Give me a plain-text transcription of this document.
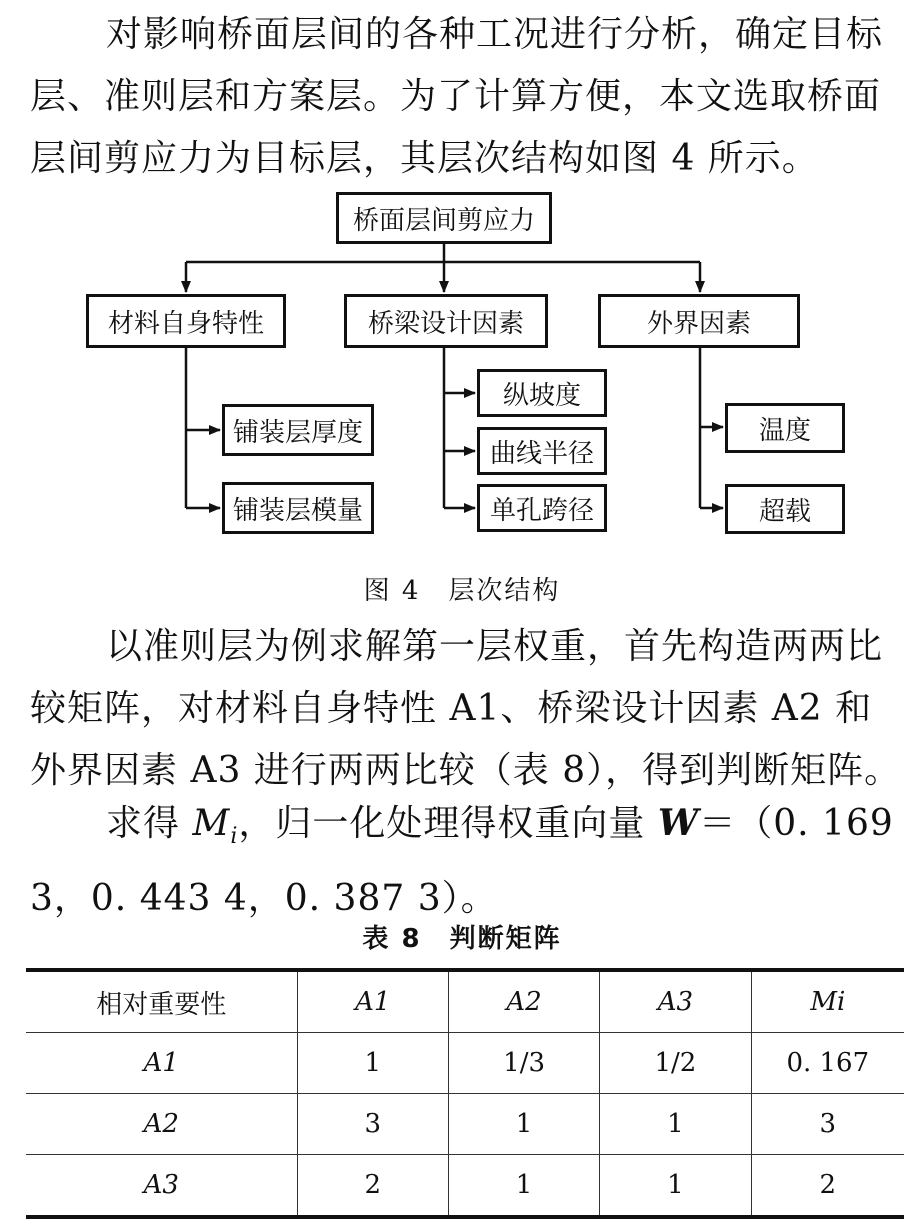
对影响桥面层间的各种工况进行分析，确定目标层、准则层和方案层。为了计算方便，本文选取桥面层间剪应力为目标层，其层次结构如图 4 所示。

桥面层间剪应力
材料自身特性	桥梁设计因素	外界因素
铺装层厚度
铺装层模量
纵坡度
曲线半径
单孔跨径
温度
超载
图 4 层次结构

以准则层为例求解第一层权重，首先构造两两比较矩阵，对材料自身特性 A1、桥梁设计因素 A2 和外界因素 A3 进行两两比较（表 8），得到判断矩阵。

求得 $M_i$，归一化处理得权重向量 W＝（0. 169 3，0. 443 4，0. 387 3）。

表 8 判断矩阵
相对重要性	A1	A2	A3	Mi
A1	1	1/3	1/2	0. 167
A2	3	1	1	3
A3	2	1	1	2
